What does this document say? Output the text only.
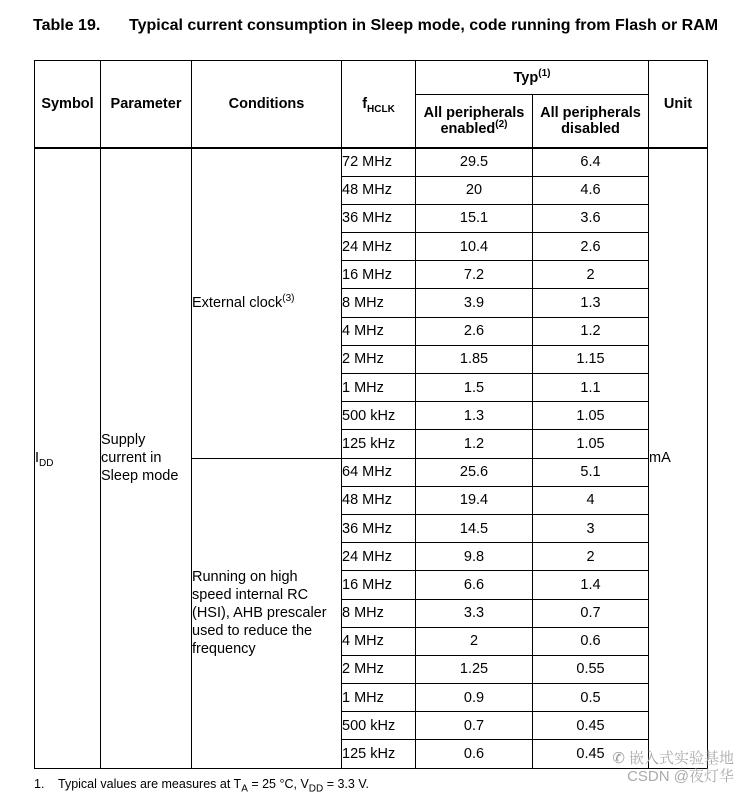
Table 19. Typical current consumption in Sleep mode, code running from Flash or RAM
Symbol	Parameter	Conditions	$f_{HCLK}$	Typ$^{(1)}$		Unit
				All peripherals enabled$^{(2)}$	All peripherals disabled	
$I_{DD}$	Supply current in Sleep mode	External clock$^{(3)}$	72 MHz	29.5	6.4	mA
			48 MHz	20	4.6	
			36 MHz	15.1	3.6	
			24 MHz	10.4	2.6	
			16 MHz	7.2	2	
			8 MHz	3.9	1.3	
			4 MHz	2.6	1.2	
			2 MHz	1.85	1.15	
			1 MHz	1.5	1.1	
			500 kHz	1.3	1.05	
			125 kHz	1.2	1.05	
		Running on high speed internal RC (HSI), AHB prescaler used to reduce the frequency	64 MHz	25.6	5.1	
			48 MHz	19.4	4	
			36 MHz	14.5	3	
			24 MHz	9.8	2	
			16 MHz	6.6	1.4	
			8 MHz	3.3	0.7	
			4 MHz	2	0.6	
			2 MHz	1.25	0.55	
			1 MHz	0.9	0.5	
			500 kHz	0.7	0.45	
			125 kHz	0.6	0.45	
1. Typical values are measures at $T_A = 25$ °C, $V_{DD} = 3.3$ V.
✆ 嵌入式实验基地
CSDN @夜灯华
